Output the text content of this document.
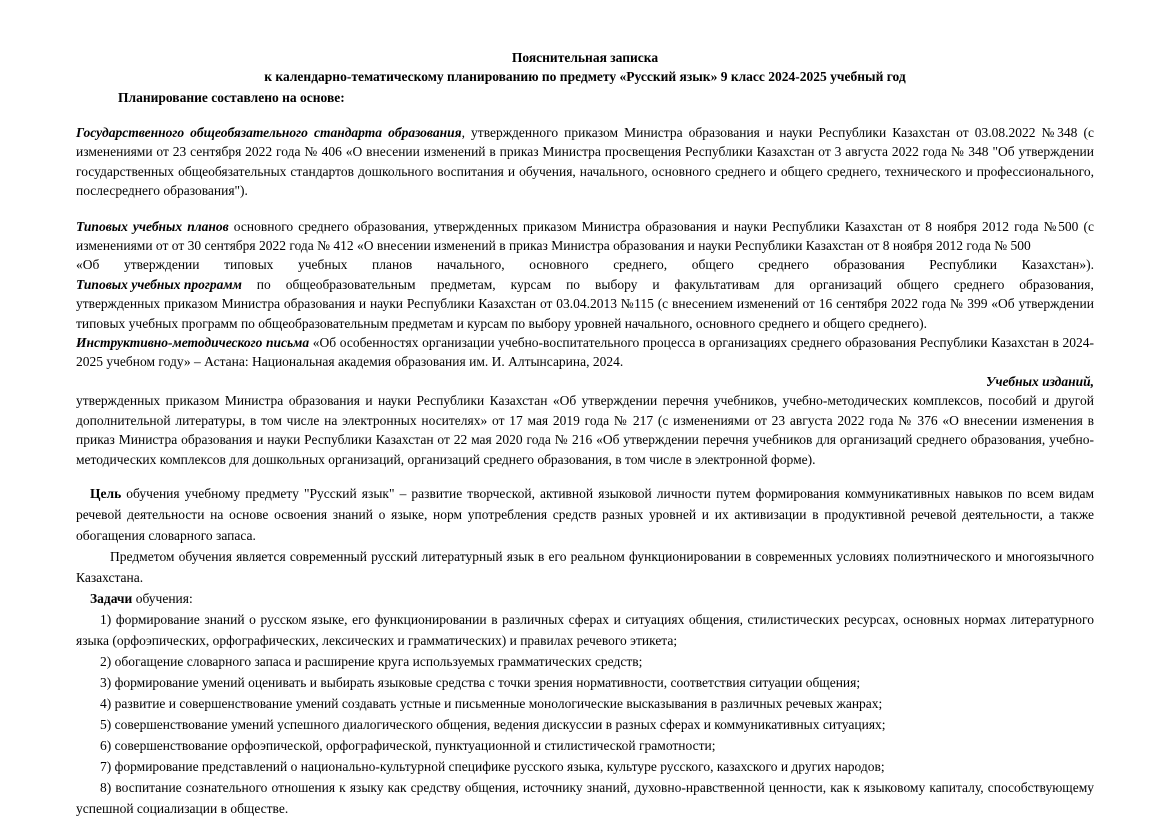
Пояснительная записка
к календарно-тематическому планированию по предмету «Русский язык» 9 класс 2024-2025 учебный год

Планирование составлено на основе:

Государственного общеобязательного стандарта образования, утвержденного приказом Министра образования и науки Республики Казахстан от 03.08.2022 №348 (с изменениями от 23 сентября 2022 года № 406 «О внесении изменений в приказ Министра просвещения Республики Казахстан от 3 августа 2022 года № 348 "Об утверждении государственных общеобязательных стандартов дошкольного воспитания и обучения, начального, основного среднего и общего среднего, технического и профессионального, послесреднего образования").

Типовых учебных планов основного среднего образования, утвержденных приказом Министра образования и науки Республики Казахстан от 8 ноября 2012 года №500 (с изменениями от от 30 сентября 2022 года № 412 «О внесении изменений в приказ Министра образования и науки Республики Казахстан от 8 ноября 2012 года № 500

«Об утверждении типовых учебных планов начального, основного среднего, общего среднего образования Республики Казахстан»).
Типовых учебных программ по общеобразовательным предметам, курсам по выбору и факультативам для организаций общего среднего образования,

утвержденных приказом Министра образования и науки Республики Казахстан от 03.04.2013 №115 (с внесением изменений от 16 сентября 2022 года № 399 «Об утверждении типовых учебных программ по общеобразовательным предметам и курсам по выбору уровней начального, основного среднего и общего среднего).

Инструктивно-методического письма «Об особенностях организации учебно-воспитательного процесса в организациях среднего образования Республики Казахстан в 2024-2025 учебном году» – Астана: Национальная академия образования им. И. Алтынсарина, 2024.

Учебных изданий,

утвержденных приказом Министра образования и науки Республики Казахстан «Об утверждении перечня учебников, учебно-методических комплексов, пособий и другой дополнительной литературы, в том числе на электронных носителях» от 17 мая 2019 года № 217 (с изменениями от 23 августа 2022 года № 376 «О внесении изменения в приказ Министра образования и науки Республики Казахстан от 22 мая 2020 года № 216 «Об утверждении перечня учебников для организаций среднего образования, учебно-методических комплексов для дошкольных организаций, организаций среднего образования, в том числе в электронной форме).

Цель обучения учебному предмету "Русский язык" – развитие творческой, активной языковой личности путем формирования коммуникативных навыков по всем видам речевой деятельности на основе освоения знаний о языке, норм употребления средств разных уровней и их активизации в продуктивной речевой деятельности, а также обогащения словарного запаса.

Предметом обучения является современный русский литературный язык в его реальном функционировании в современных условиях полиэтнического и многоязычного Казахстана.

Задачи обучения:

1) формирование знаний о русском языке, его функционировании в различных сферах и ситуациях общения, стилистических ресурсах, основных нормах литературного языка (орфоэпических, орфографических, лексических и грамматических) и правилах речевого этикета;

2) обогащение словарного запаса и расширение круга используемых грамматических средств;

3) формирование умений оценивать и выбирать языковые средства с точки зрения нормативности, соответствия ситуации общения;

4) развитие и совершенствование умений создавать устные и письменные монологические высказывания в различных речевых жанрах;

5) совершенствование умений успешного диалогического общения, ведения дискуссии в разных сферах и коммуникативных ситуациях;

6) совершенствование орфоэпической, орфографической, пунктуационной и стилистической грамотности;

7) формирование представлений о национально-культурной специфике русского языка, культуре русского, казахского и других народов;

8) воспитание сознательного отношения к языку как средству общения, источнику знаний, духовно-нравственной ценности, как к языковому капиталу, способствующему успешной социализации в обществе.
